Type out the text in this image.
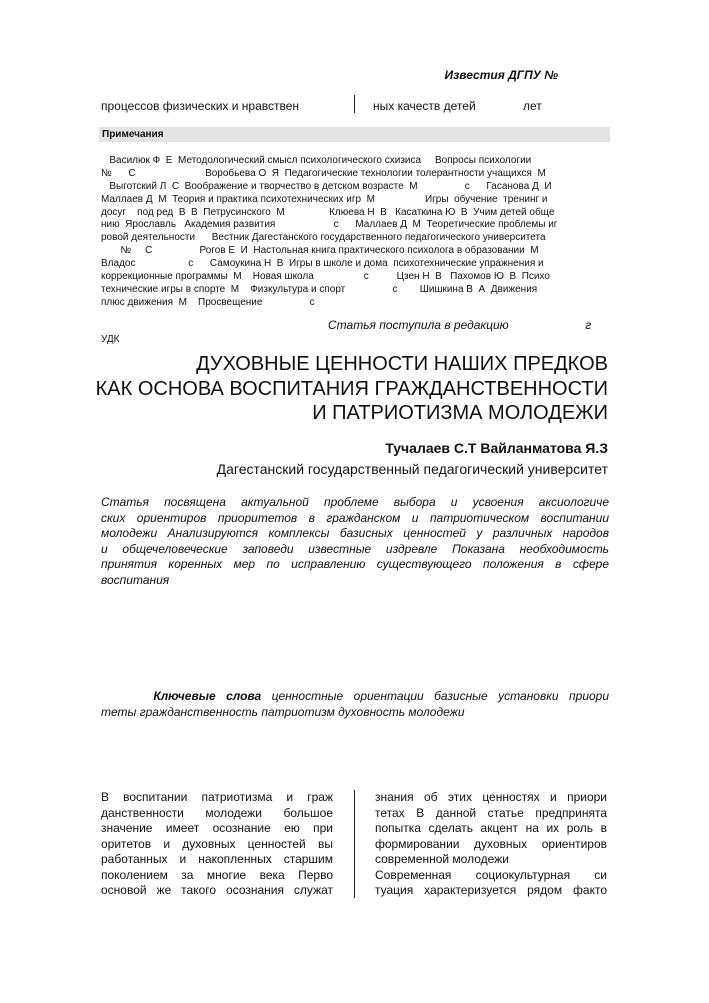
Известия ДГПУ №
процессов физических и нравствен	ных качеств детей	лет
Примечания
Василюк Ф  Е  Методологический смысл психологического схизиса     Вопросы психологии
№      С                         Воробьева О  Я  Педагогические технологии толерантности учащихся  М
Выготский Л  С  Воображение и творчество в детском возрасте  М                 с      Гасанова Д  И
Маллаев Д  М  Теория и практика психотехнических игр  М                  Игры  обучение  тренинг и
досуг    под ред  В  В  Петрусинского  М                Клюева Н  В   Касаткина Ю  В  Учим детей обще
нию  Ярославль   Академия развития                     с      Маллаев Д  М  Теоретические проблемы иг
ровой деятельности      Вестник Дагестанского государственного педагогического университета
№     С                 Рогов Е  И  Настольная книга практического психолога в образовании  М
Владос                   с      Самоукина Н  В  Игры в школе и дома  психотехнические упражнения и
коррекционные программы  М    Новая школа                  с          Цзен Н  В   Пахомов Ю  В  Психо
технические игры в спорте  М    Физкультура и спорт                 с        Шишкина В  А  Движения
плюс движения  М    Просвещение                 с
Статья поступила в редакцию                       г
УДК
ДУХОВНЫЕ ЦЕННОСТИ НАШИХ ПРЕДКОВ
КАК ОСНОВА ВОСПИТАНИЯ ГРАЖДАНСТВЕННОСТИ
И ПАТРИОТИЗМА МОЛОДЕЖИ
Тучалаев С.Т Вайланматова Я.З
Дагестанский государственный педагогический университет
Статья посвящена актуальной проблеме выбора и усвоения аксиологиче
ских ориентиров приоритетов в гражданском и патриотическом воспитании
молодежи Анализируются комплексы базисных ценностей у различных народов
и общечеловеческие заповеди известные издревле Показана необходимость
принятия коренных мер по исправлению существующего положения в сфере
воспитания
Ключевые слова ценностные ориентации базисные установки приори
теты гражданственность патриотизм духовность молодежи
В воспитании патриотизма и граж
данственности молодежи большое
значение имеет осознание ею при
оритетов и духовных ценностей вы
работанных и накопленных старшим
поколением за многие века Перво
основой же такого осознания служат
знания об этих ценностях и приори
тетах В данной статье предпринята
попытка сделать акцент на их роль в
формировании духовных ориентиров
современной молодежи
Современная социокультурная си
туация характеризуется рядом факто
